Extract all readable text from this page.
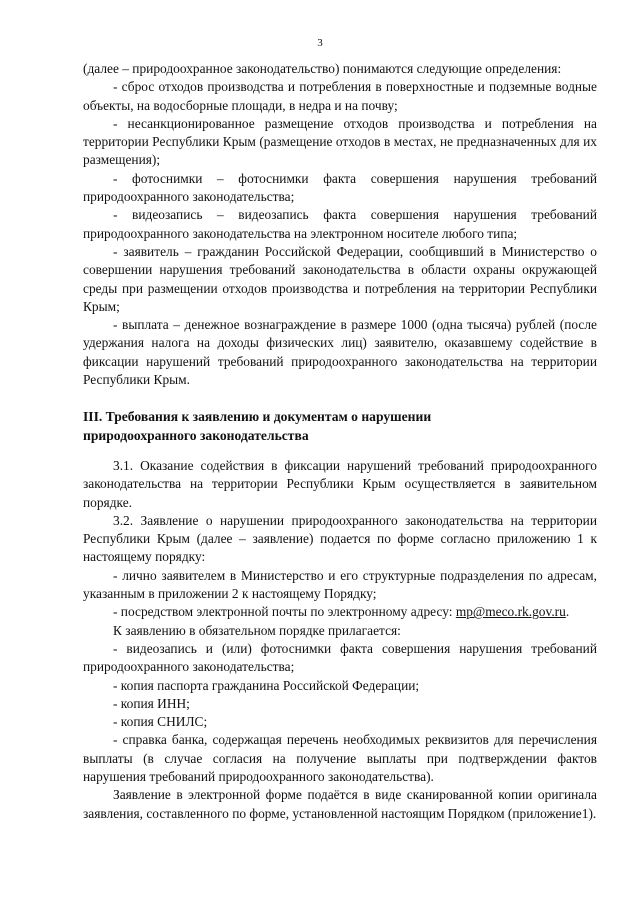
3

(далее – природоохранное законодательство) понимаются следующие определения:

- сброс отходов производства и потребления в поверхностные и подземные водные объекты, на водосборные площади, в недра и на почву;

- несанкционированное размещение отходов производства и потребления на территории Республики Крым (размещение отходов в местах, не предназначенных для их размещения);

- фотоснимки – фотоснимки факта совершения нарушения требований природоохранного законодательства;

- видеозапись – видеозапись факта совершения нарушения требований природоохранного законодательства на электронном носителе любого типа;

- заявитель – гражданин Российской Федерации, сообщивший в Министерство о совершении нарушения требований законодательства в области охраны окружающей среды при размещении отходов производства и потребления на территории Республики Крым;

- выплата – денежное вознаграждение в размере 1000 (одна тысяча) рублей (после удержания налога на доходы физических лиц) заявителю, оказавшему содействие в фиксации нарушений требований природоохранного законодательства на территории Республики Крым.

III. Требования к заявлению и документам о нарушении

природоохранного законодательства

3.1. Оказание содействия в фиксации нарушений требований природоохранного законодательства на территории Республики Крым осуществляется в заявительном порядке.

3.2. Заявление о нарушении природоохранного законодательства на территории Республики Крым (далее – заявление) подается по форме согласно приложению 1 к настоящему порядку:

- лично заявителем в Министерство и его структурные подразделения по адресам, указанным в приложении 2 к настоящему Порядку;

- посредством электронной почты по электронному адресу: mp@meco.rk.gov.ru.

К заявлению в обязательном порядке прилагается:

- видеозапись и (или) фотоснимки факта совершения нарушения требований природоохранного законодательства;

- копия паспорта гражданина Российской Федерации;

- копия ИНН;

- копия СНИЛС;

- справка банка, содержащая перечень необходимых реквизитов для перечисления выплаты (в случае согласия на получение выплаты при подтверждении фактов нарушения требований природоохранного законодательства).

Заявление в электронной форме подаётся в виде сканированной копии оригинала заявления, составленного по форме, установленной настоящим Порядком (приложение1).
